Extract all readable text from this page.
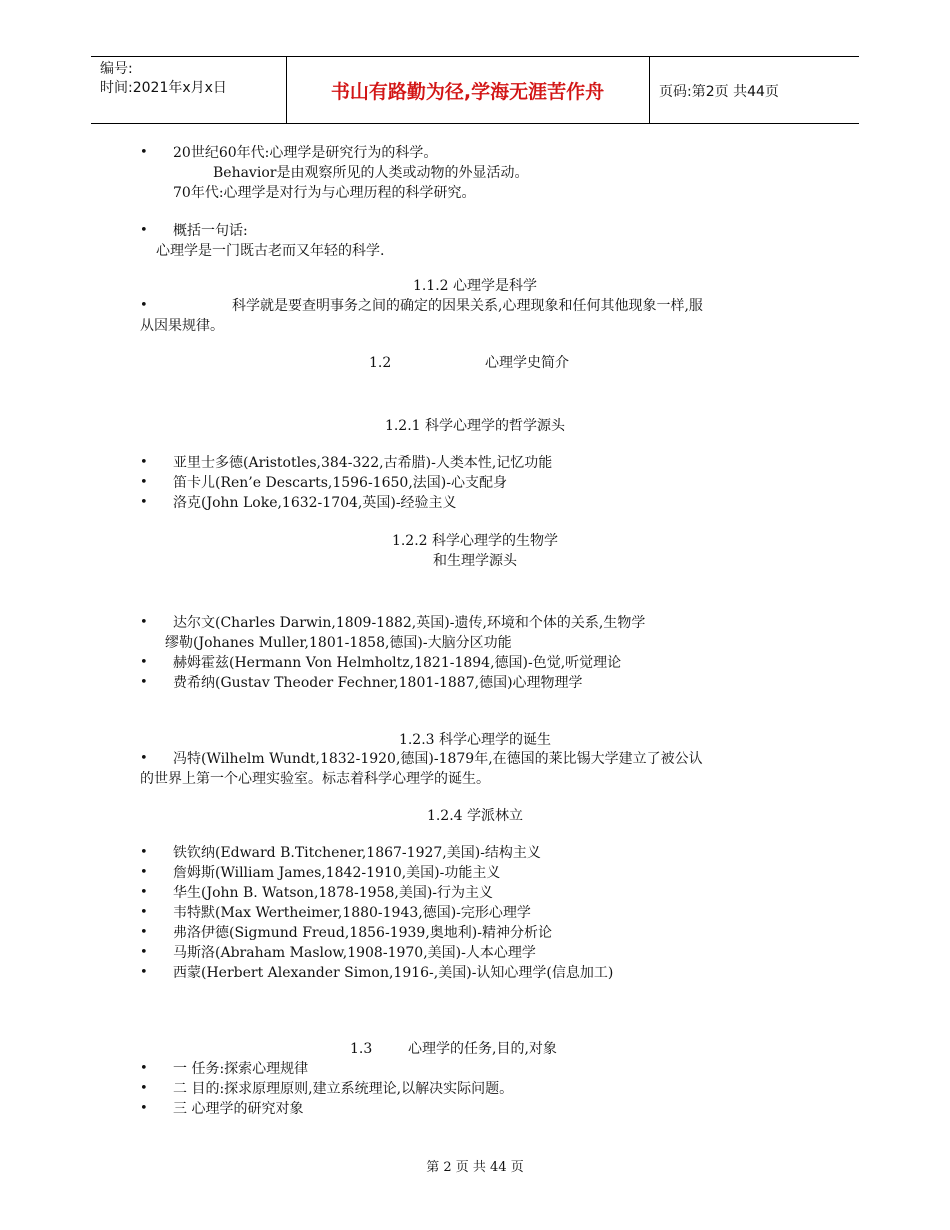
编号:
时间:2021年x月x日	书山有路勤为径,学海无涯苦作舟	页码:第2页 共44页
• 20世纪60年代:心理学是研究行为的科学。
Behavior是由观察所见的人类或动物的外显活动。
70年代:心理学是对行为与心理历程的科学研究。
• 概括一句话:
心理学是一门既古老而又年轻的科学.
1.1.2 心理学是科学
•	科学就是要查明事务之间的确定的因果关系,心理现象和任何其他现象一样,服
从因果规律。
1.2	心理学史简介
1.2.1 科学心理学的哲学源头
• 亚里士多德(Aristotles,384-322,古希腊)-人类本性,记忆功能
• 笛卡儿(Ren’e Descarts,1596-1650,法国)-心支配身
• 洛克(John Loke,1632-1704,英国)-经验主义
1.2.2 科学心理学的生物学
和生理学源头
• 达尔文(Charles Darwin,1809-1882,英国)-遗传,环境和个体的关系,生物学
缪勒(Johanes Muller,1801-1858,德国)-大脑分区功能
• 赫姆霍兹(Hermann Von Helmholtz,1821-1894,德国)-色觉,听觉理论
• 费希纳(Gustav Theoder Fechner,1801-1887,德国)心理物理学
1.2.3 科学心理学的诞生
• 冯特(Wilhelm Wundt,1832-1920,德国)-1879年,在德国的莱比锡大学建立了被公认
的世界上第一个心理实验室。标志着科学心理学的诞生。
1.2.4 学派林立
• 铁钦纳(Edward B.Titchener,1867-1927,美国)-结构主义
• 詹姆斯(William James,1842-1910,美国)-功能主义
• 华生(John B. Watson,1878-1958,美国)-行为主义
• 韦特默(Max Wertheimer,1880-1943,德国)-完形心理学
• 弗洛伊德(Sigmund Freud,1856-1939,奥地利)-精神分析论
• 马斯洛(Abraham Maslow,1908-1970,美国)-人本心理学
• 西蒙(Herbert Alexander Simon,1916-,美国)-认知心理学(信息加工)
1.3	心理学的任务,目的,对象
• 一 任务:探索心理规律
• 二 目的:探求原理原则,建立系统理论,以解决实际问题。
• 三 心理学的研究对象
第 2 页 共 44 页
